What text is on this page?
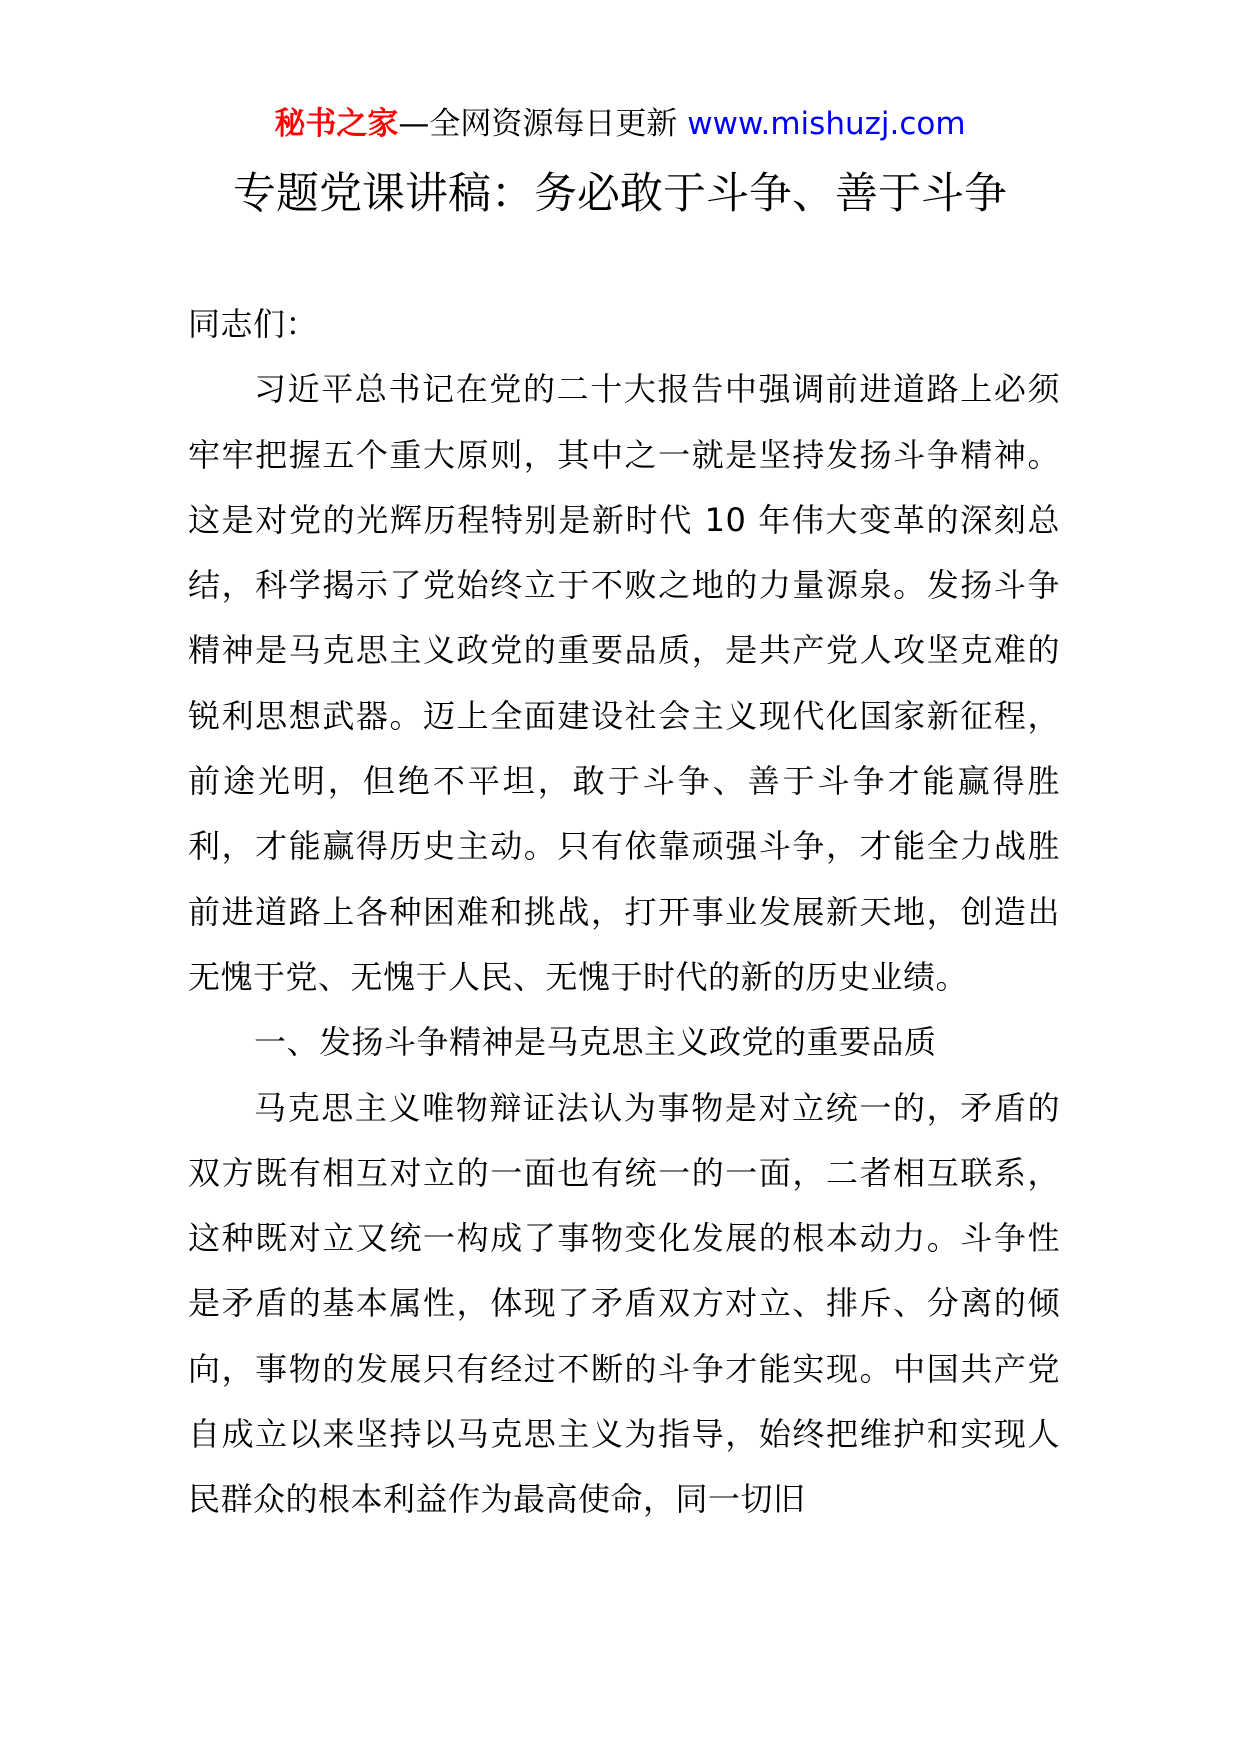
秘书之家—全网资源每日更新 www.mishuzj.com
专题党课讲稿：务必敢于斗争、善于斗争

同志们：

习近平总书记在党的二十大报告中强调前进道路上必须牢牢把握五个重大原则，其中之一就是坚持发扬斗争精神。这是对党的光辉历程特别是新时代 10 年伟大变革的深刻总结，科学揭示了党始终立于不败之地的力量源泉。发扬斗争精神是马克思主义政党的重要品质，是共产党人攻坚克难的锐利思想武器。迈上全面建设社会主义现代化国家新征程，前途光明，但绝不平坦，敢于斗争、善于斗争才能赢得胜利，才能赢得历史主动。只有依靠顽强斗争，才能全力战胜前进道路上各种困难和挑战，打开事业发展新天地，创造出无愧于党、无愧于人民、无愧于时代的新的历史业绩。

一、发扬斗争精神是马克思主义政党的重要品质

马克思主义唯物辩证法认为事物是对立统一的，矛盾的双方既有相互对立的一面也有统一的一面，二者相互联系，这种既对立又统一构成了事物变化发展的根本动力。斗争性是矛盾的基本属性，体现了矛盾双方对立、排斥、分离的倾向，事物的发展只有经过不断的斗争才能实现。中国共产党自成立以来坚持以马克思主义为指导，始终把维护和实现人民群众的根本利益作为最高使命，同一切旧
